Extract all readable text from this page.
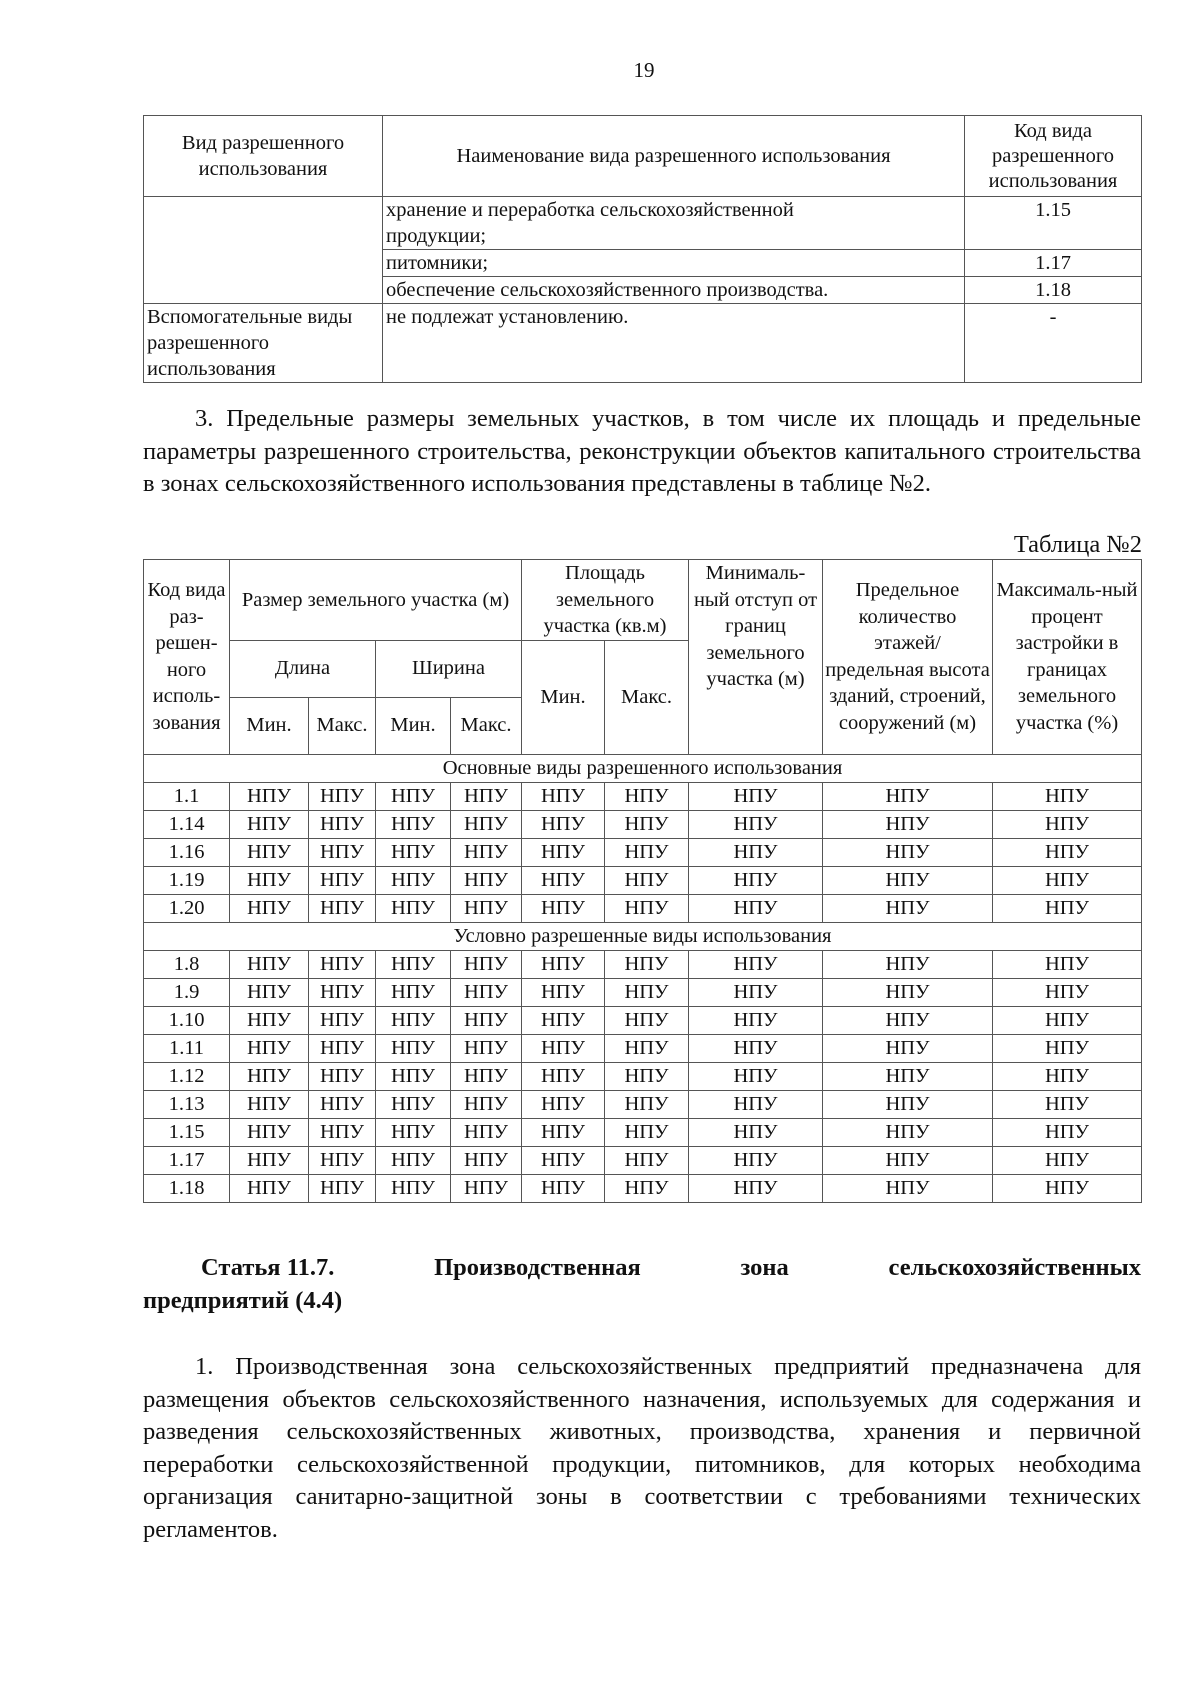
19
Вид разрешенного использования	Наименование вида разрешенного использования	Код вида разрешенного использования
	хранение и переработка сельскохозяйственной продукции;	1.15
	питомники;	1.17
	обеспечение сельскохозяйственного производства.	1.18
Вспомогательные виды разрешенного использования	не подлежат установлению.	-
3. Предельные размеры земельных участков, в том числе их площадь и предельные параметры разрешенного строительства, реконструкции объектов капитального строительства в зонах сельскохозяйственного использования представлены в таблице №2.
Таблица №2
Код вида раз-решен-ного исполь-зования	Размер земельного участка (м)				Площадь земельного участка (кв.м)		Минималь-ный отступ от границ земельного участка (м)	Предельное количество этажей/ предельная высота зданий, строений, сооружений (м)	Максималь-ный процент застройки в границах земельного участка (%)
	Длина		Ширина		Мин.	Макс.			
	Мин.	Макс.	Мин.	Макс.					
Основные виды разрешенного использования									
1.1	НПУ	НПУ	НПУ	НПУ	НПУ	НПУ	НПУ	НПУ	НПУ
1.14	НПУ	НПУ	НПУ	НПУ	НПУ	НПУ	НПУ	НПУ	НПУ
1.16	НПУ	НПУ	НПУ	НПУ	НПУ	НПУ	НПУ	НПУ	НПУ
1.19	НПУ	НПУ	НПУ	НПУ	НПУ	НПУ	НПУ	НПУ	НПУ
1.20	НПУ	НПУ	НПУ	НПУ	НПУ	НПУ	НПУ	НПУ	НПУ
Условно разрешенные виды использования									
1.8	НПУ	НПУ	НПУ	НПУ	НПУ	НПУ	НПУ	НПУ	НПУ
1.9	НПУ	НПУ	НПУ	НПУ	НПУ	НПУ	НПУ	НПУ	НПУ
1.10	НПУ	НПУ	НПУ	НПУ	НПУ	НПУ	НПУ	НПУ	НПУ
1.11	НПУ	НПУ	НПУ	НПУ	НПУ	НПУ	НПУ	НПУ	НПУ
1.12	НПУ	НПУ	НПУ	НПУ	НПУ	НПУ	НПУ	НПУ	НПУ
1.13	НПУ	НПУ	НПУ	НПУ	НПУ	НПУ	НПУ	НПУ	НПУ
1.15	НПУ	НПУ	НПУ	НПУ	НПУ	НПУ	НПУ	НПУ	НПУ
1.17	НПУ	НПУ	НПУ	НПУ	НПУ	НПУ	НПУ	НПУ	НПУ
1.18	НПУ	НПУ	НПУ	НПУ	НПУ	НПУ	НПУ	НПУ	НПУ
Статья 11.7.	Производственная	зона	сельскохозяйственных
предприятий (4.4)
1. Производственная зона сельскохозяйственных предприятий предназначена для размещения объектов сельскохозяйственного назначения, используемых для содержания и разведения сельскохозяйственных животных, производства, хранения и первичной переработки сельскохозяйственной продукции, питомников, для которых необходима организация санитарно-защитной зоны в соответствии с требованиями технических регламентов.
